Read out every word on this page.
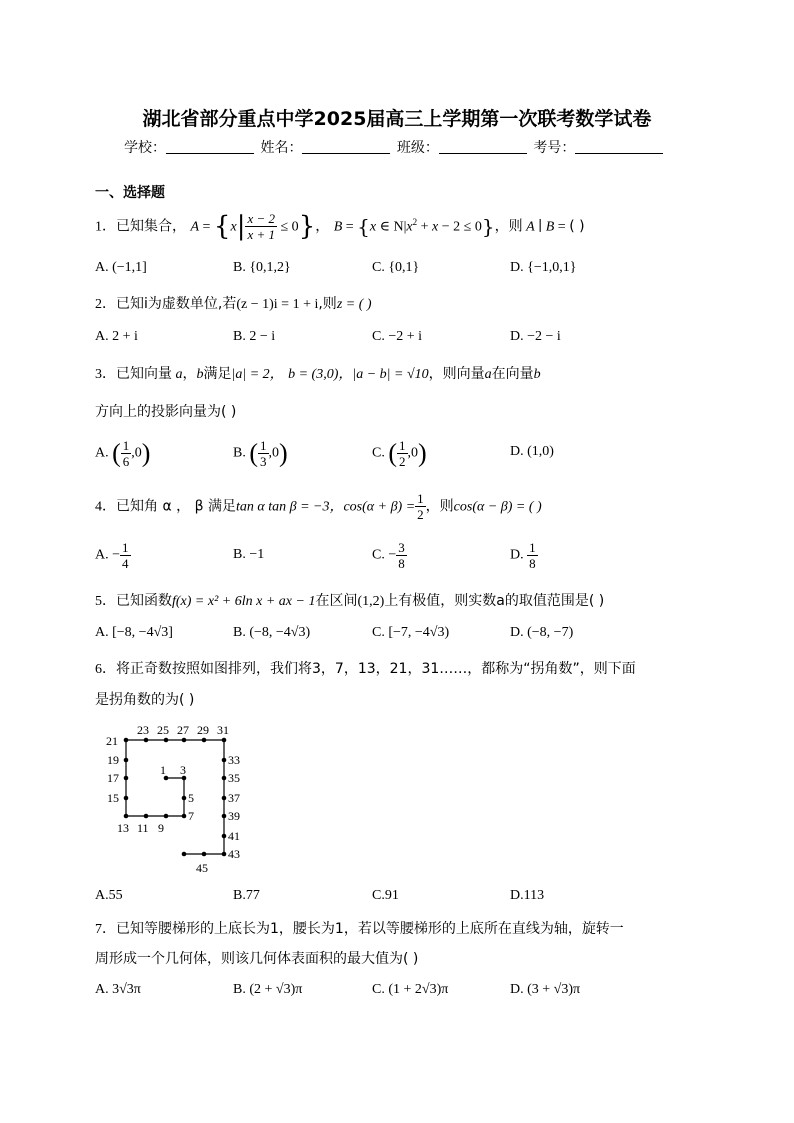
湖北省部分重点中学2025届高三上学期第一次联考数学试卷
学校：	姓名：	班级：	考号：
一、选择题
1．已知集合， $A = \{x| \frac{x - 2}{x + 1} \le 0\}$， B = {x ∈ $N|x^2 + x - 2 \le 0$}，则 A ∣ B = ( )
A. (−1,1]	B. {0,1,2}	C. {0,1}	D. {−1,0,1}
2．已知i为虚数单位,若(z − 1)i = 1 + i,则z = ( )
A. 2 + i	B. 2 − i	C. −2 + i	D. −2 − i
3．已知向量 a，b满足|a| = 2， b = (3,0)，|a − b| = √10，则向量a在向量b
方向上的投影向量为( )
A. ( $\frac{1}{6} ,0$)	B. ( $\frac{1}{3} ,0$)	C. ( $\frac{1}{2} ,0$)	D. (1,0)
4．已知角 α ， β 满足tan α tan β = −3，$\cos(\alpha + \beta) = \frac{1}{2}$ ，则cos(α − β) = ( )
A. − $\frac{1}{4}$	B. −1	C. − $\frac{3}{8}$	D. $\frac{1}{8}$
5．已知函数f(x) = x² + 6ln x + ax − 1在区间(1,2)上有极值，则实数a的取值范围是( )
A. [−8, −4√3]	B. (−8, −4√3)	C. [−7, −4√3)	D. (−8, −7)
6．将正奇数按照如图排列，我们将3，7，13，21，31……，都称为“拐角数”，则下面
是拐角数的为( )
1 3
5
7
9
11
13
15
17
19
21
23 25 27 29 31
33
35
37
39
41
43
45
A.55	B.77	C.91	D.113
7．已知等腰梯形的上底长为1，腰长为1，若以等腰梯形的上底所在直线为轴，旋转一
周形成一个几何体，则该几何体表面积的最大值为( )
A. 3√3π	B. (2 + √3)π	C. (1 + 2√3)π	D. (3 + √3)π
